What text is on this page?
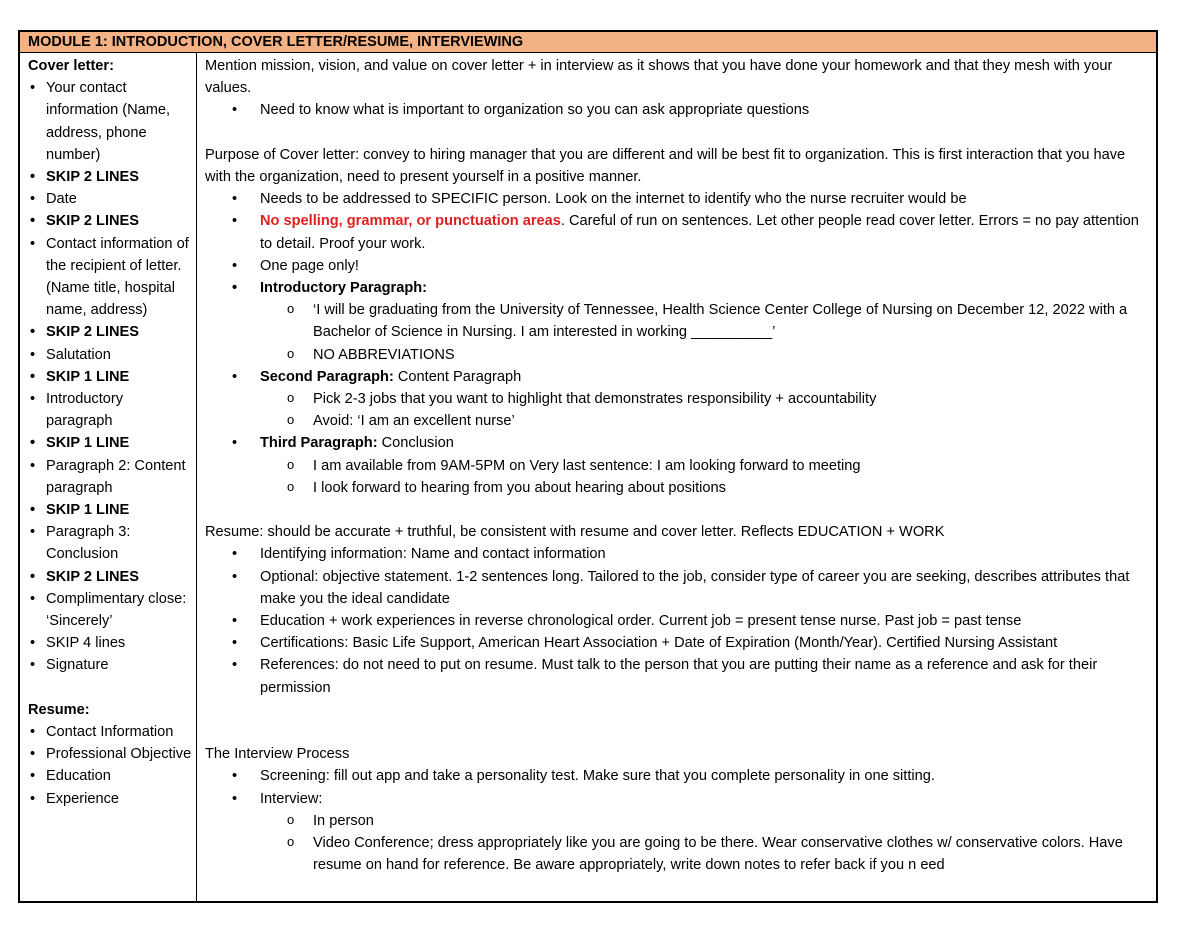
MODULE 1: INTRODUCTION, COVER LETTER/RESUME, INTERVIEWING
Cover letter:
• Your contact information (Name, address, phone number)
• SKIP 2 LINES
• Date
• SKIP 2 LINES
• Contact information of the recipient of letter. (Name title, hospital name, address)
• SKIP 2 LINES
• Salutation
• SKIP 1 LINE
• Introductory paragraph
• SKIP 1 LINE
• Paragraph 2: Content paragraph
• SKIP 1 LINE
• Paragraph 3: Conclusion
• SKIP 2 LINES
• Complimentary close: ‘Sincerely’
• SKIP 4 lines
• Signature
Resume:
• Contact Information
• Professional Objective
• Education
• Experience

Mention mission, vision, and value on cover letter + in interview as it shows that you have done your homework and that they mesh with your values.

• Need to know what is important to organization so you can ask appropriate questions

Purpose of Cover letter: convey to hiring manager that you are different and will be best fit to organization. This is first interaction that you have with the organization, need to present yourself in a positive manner.

• Needs to be addressed to SPECIFIC person. Look on the internet to identify who the nurse recruiter would be
• No spelling, grammar, or punctuation areas. Careful of run on sentences. Let other people read cover letter. Errors = no pay attention to detail. Proof your work.
• One page only!
• Introductory Paragraph:
o ‘I will be graduating from the University of Tennessee, Health Science Center College of Nursing on December 12, 2022 with a Bachelor of Science in Nursing. I am interested in working __________’
o NO ABBREVIATIONS
• Second Paragraph: Content Paragraph
o Pick 2-3 jobs that you want to highlight that demonstrates responsibility + accountability
o Avoid: ‘I am an excellent nurse’
• Third Paragraph: Conclusion
o I am available from 9AM-5PM on Very last sentence: I am looking forward to meeting
o I look forward to hearing from you about hearing about positions

Resume: should be accurate + truthful, be consistent with resume and cover letter. Reflects EDUCATION + WORK

• Identifying information: Name and contact information
• Optional: objective statement. 1-2 sentences long. Tailored to the job, consider type of career you are seeking, describes attributes that make you the ideal candidate
• Education + work experiences in reverse chronological order. Current job = present tense nurse. Past job = past tense
• Certifications: Basic Life Support, American Heart Association + Date of Expiration (Month/Year). Certified Nursing Assistant
• References: do not need to put on resume. Must talk to the person that you are putting their name as a reference and ask for their permission

The Interview Process

• Screening: fill out app and take a personality test. Make sure that you complete personality in one sitting.
• Interview:
o In person
o Video Conference; dress appropriately like you are going to be there. Wear conservative clothes w/ conservative colors. Have resume on hand for reference. Be aware appropriately, write down notes to refer back if you n eed
